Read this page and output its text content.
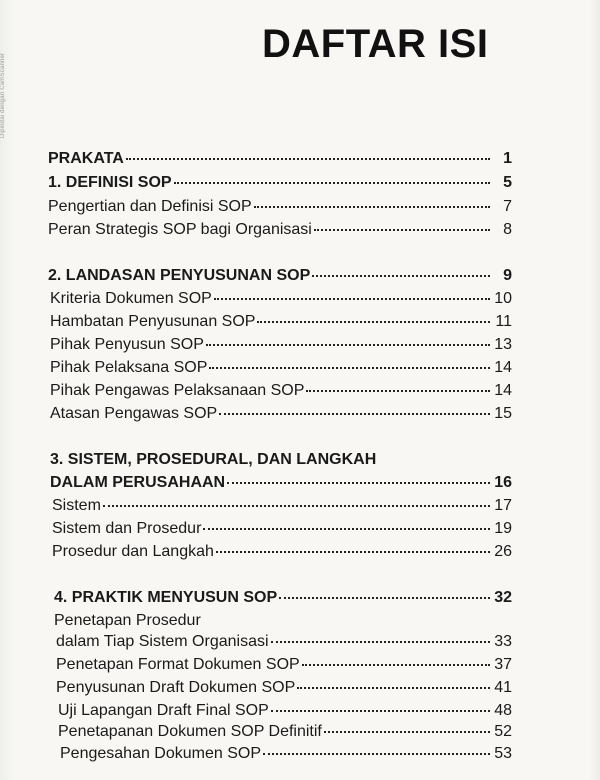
Dipindai dengan CamScanner
DAFTAR ISI
PRAKATA	1
1. DEFINISI SOP	5
Pengertian dan Definisi SOP	7
Peran Strategis SOP bagi Organisasi	8
2. LANDASAN PENYUSUNAN SOP	9
Kriteria Dokumen SOP	10
Hambatan Penyusunan SOP	11
Pihak Penyusun SOP	13
Pihak Pelaksana SOP	14
Pihak Pengawas Pelaksanaan SOP	14
Atasan Pengawas SOP	15
3. SISTEM, PROSEDURAL, DAN LANGKAH
DALAM PERUSAHAAN	16
Sistem	17
Sistem dan Prosedur	19
Prosedur dan Langkah	26
4. PRAKTIK MENYUSUN SOP	32
Penetapan Prosedur
dalam Tiap Sistem Organisasi	33
Penetapan Format Dokumen SOP	37
Penyusunan Draft Dokumen SOP	41
Uji Lapangan Draft Final SOP	48
Penetapanan Dokumen SOP Definitif	52
Pengesahan Dokumen SOP	53
